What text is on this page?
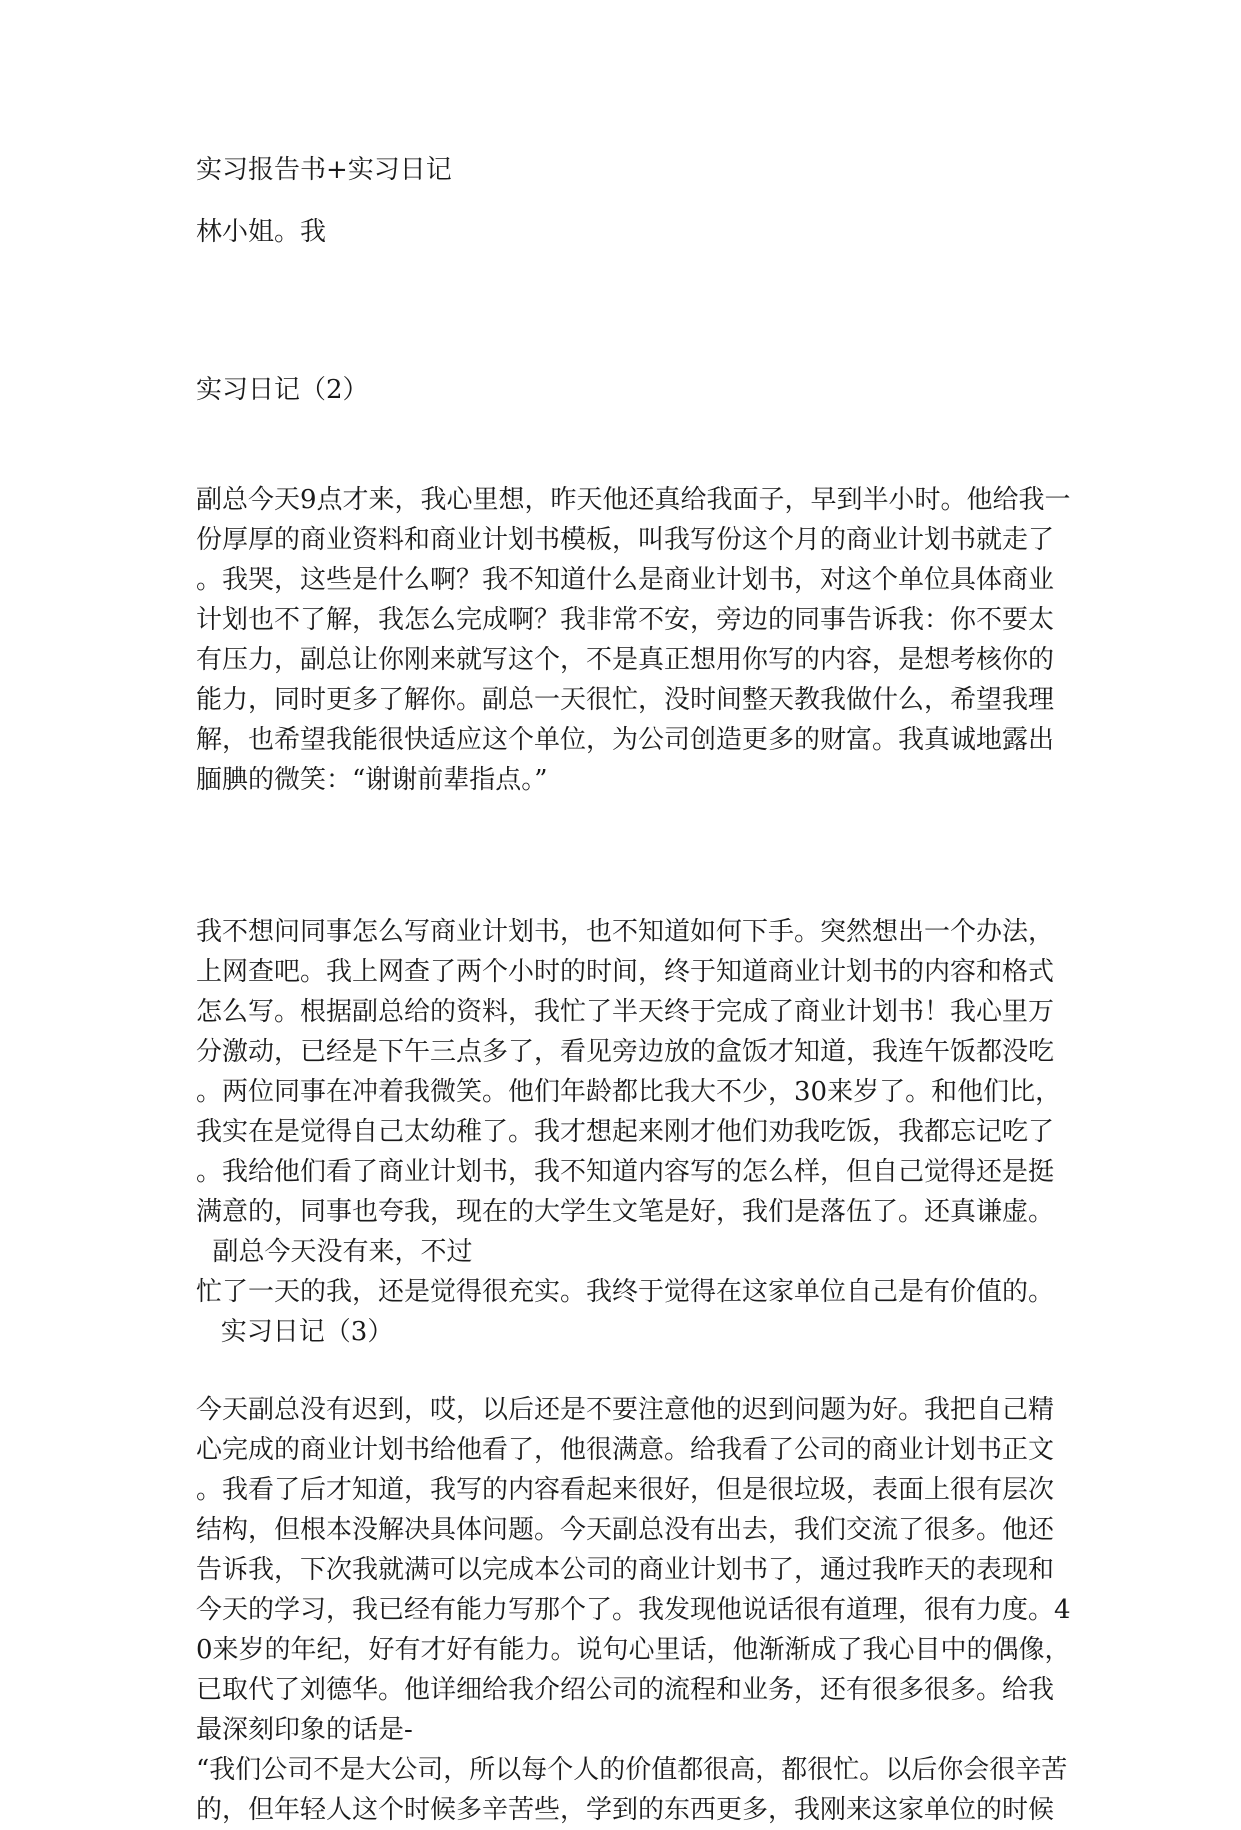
实习报告书+实习日记
林小姐。我
实习日记（2）
副总今天9点才来，我心里想，昨天他还真给我面子，早到半小时。他给我一
份厚厚的商业资料和商业计划书模板，叫我写份这个月的商业计划书就走了
。我哭，这些是什么啊？我不知道什么是商业计划书，对这个单位具体商业
计划也不了解，我怎么完成啊？我非常不安，旁边的同事告诉我：你不要太
有压力，副总让你刚来就写这个，不是真正想用你写的内容，是想考核你的
能力，同时更多了解你。副总一天很忙，没时间整天教我做什么，希望我理
解，也希望我能很快适应这个单位，为公司创造更多的财富。我真诚地露出
腼腆的微笑：“谢谢前辈指点。”
我不想问同事怎么写商业计划书，也不知道如何下手。突然想出一个办法，
上网查吧。我上网查了两个小时的时间，终于知道商业计划书的内容和格式
怎么写。根据副总给的资料，我忙了半天终于完成了商业计划书！我心里万
分激动，已经是下午三点多了，看见旁边放的盒饭才知道，我连午饭都没吃
。两位同事在冲着我微笑。他们年龄都比我大不少，30来岁了。和他们比，
我实在是觉得自己太幼稚了。我才想起来刚才他们劝我吃饭，我都忘记吃了
。我给他们看了商业计划书，我不知道内容写的怎么样，但自己觉得还是挺
满意的，同事也夸我，现在的大学生文笔是好，我们是落伍了。还真谦虚。
副总今天没有来，不过
忙了一天的我，还是觉得很充实。我终于觉得在这家单位自己是有价值的。
实习日记（3）
今天副总没有迟到，哎，以后还是不要注意他的迟到问题为好。我把自己精
心完成的商业计划书给他看了，他很满意。给我看了公司的商业计划书正文
。我看了后才知道，我写的内容看起来很好，但是很垃圾，表面上很有层次
结构，但根本没解决具体问题。今天副总没有出去，我们交流了很多。他还
告诉我，下次我就满可以完成本公司的商业计划书了，通过我昨天的表现和
今天的学习，我已经有能力写那个了。我发现他说话很有道理，很有力度。4
0来岁的年纪，好有才好有能力。说句心里话，他渐渐成了我心目中的偶像，
已取代了刘德华。他详细给我介绍公司的流程和业务，还有很多很多。给我
最深刻印象的话是-
“我们公司不是大公司，所以每个人的价值都很高，都很忙。以后你会很辛苦
的，但年轻人这个时候多辛苦些，学到的东西更多，我刚来这家单位的时候
